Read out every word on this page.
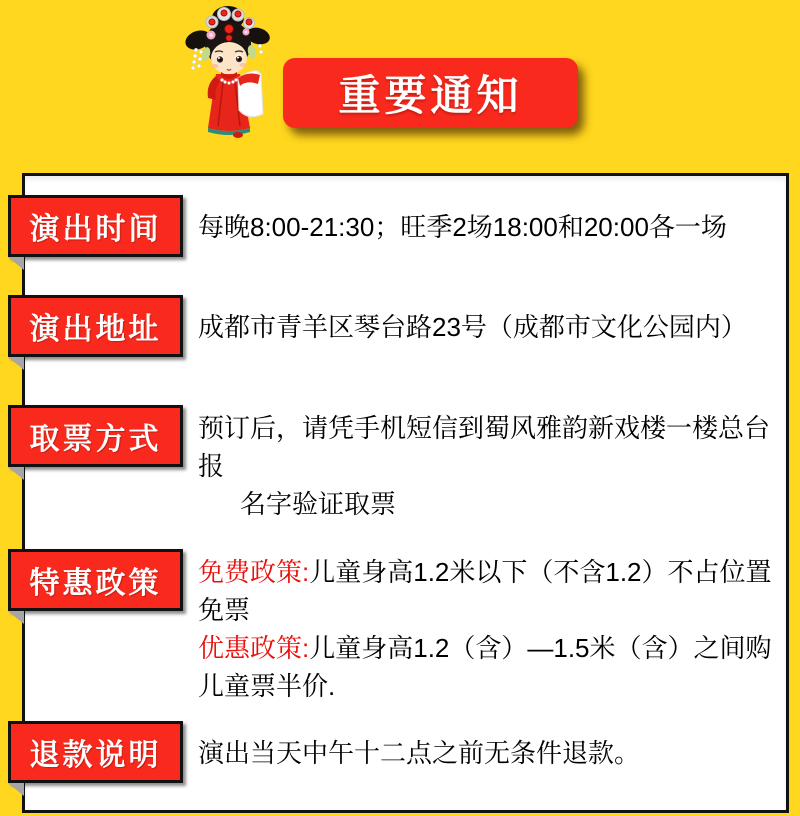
重要通知
演出时间 每晚8:00-21:30；旺季2场18:00和20:00各一场
演出地址 成都市青羊区琴台路23号（成都市文化公园内）
取票方式 预订后，请凭手机短信到蜀风雅韵新戏楼一楼总台报
名字验证取票
特惠政策 免费政策:儿童身高1.2米以下（不含1.2）不占位置免票
优惠政策:儿童身高1.2（含）—1.5米（含）之间购儿童票半价.
退款说明 演出当天中午十二点之前无条件退款。
